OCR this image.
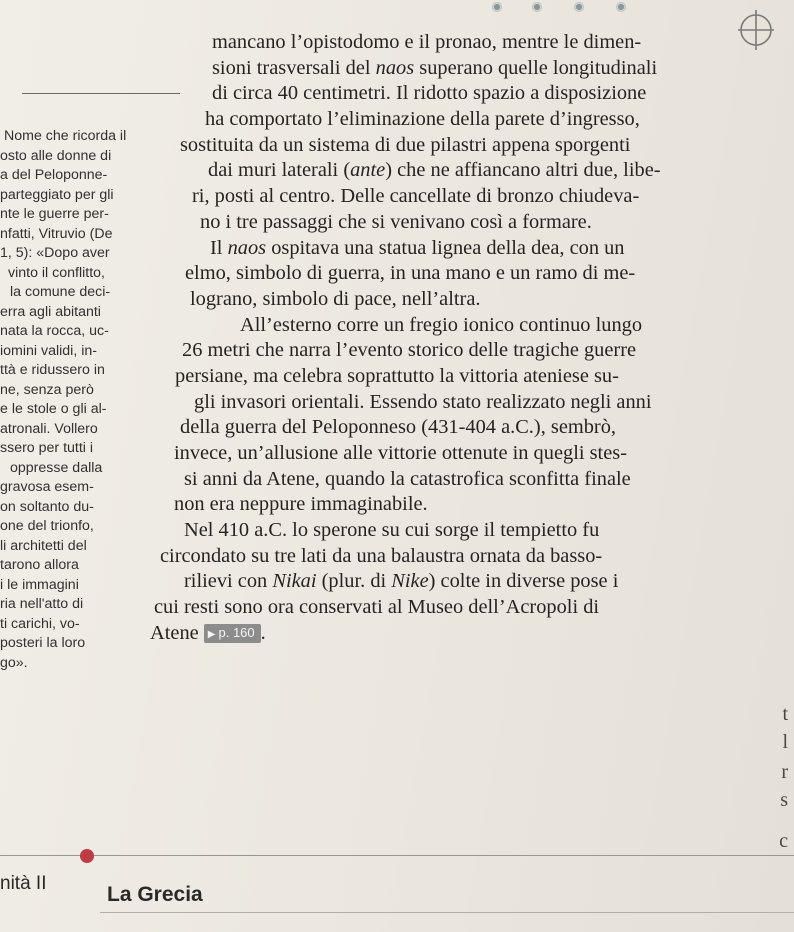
Nome che ricorda il
osto alle donne di
a del Peloponne-
parteggiato per gli
nte le guerre per-
nfatti, Vitruvio (De
1, 5): «Dopo aver
vinto il conflitto,
la comune deci-
erra agli abitanti
nata la rocca, uc-
iomini validi, in-
ttà e ridussero in
ne, senza però
e le stole o gli al-
atronali. Vollero
ssero per tutti i
oppresse dalla
gravosa esem-
on soltanto du-
one del trionfo,
li architetti del
tarono allora
i le immagini
ria nell'atto di
ti carichi, vo-
posteri la loro
go».
mancano l’opistodomo e il pronao, mentre le dimen-
sioni trasversali del naos superano quelle longitudinali
di circa 40 centimetri. Il ridotto spazio a disposizione
ha comportato l’eliminazione della parete d’ingresso,
sostituita da un sistema di due pilastri appena sporgenti
dai muri laterali (ante) che ne affiancano altri due, libe-
ri, posti al centro. Delle cancellate di bronzo chiudeva-
no i tre passaggi che si venivano così a formare.
Il naos ospitava una statua lignea della dea, con un
elmo, simbolo di guerra, in una mano e un ramo di me-
lograno, simbolo di pace, nell’altra.
All’esterno corre un fregio ionico continuo lungo
26 metri che narra l’evento storico delle tragiche guerre
persiane, ma celebra soprattutto la vittoria ateniese su-
gli invasori orientali. Essendo stato realizzato negli anni
della guerra del Peloponneso (431-404 a.C.), sembrò,
invece, un’allusione alle vittorie ottenute in quegli stes-
si anni da Atene, quando la catastrofica sconfitta finale
non era neppure immaginabile.
Nel 410 a.C. lo sperone su cui sorge il tempietto fu
circondato su tre lati da una balaustra ornata da basso-
rilievi con Nikai (plur. di Nike) colte in diverse pose i
cui resti sono ora conservati al Museo dell’Acropoli di
Atene ▶ p. 160 .
t
l
r
s
c
nità II	La Grecia
